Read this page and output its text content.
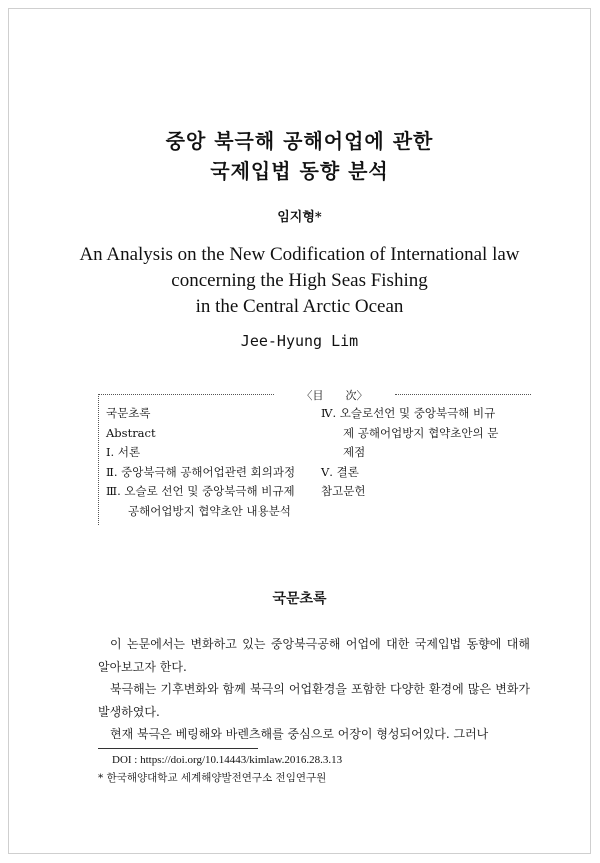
중앙 북극해 공해어업에 관한
국제입법 동향 분석
임지형*
An Analysis on the New Codification of International law
concerning the High Seas Fishing
in the Central Arctic Ocean
Jee-Hyung Lim
〈目　　次〉
국문초록
Abstract
Ⅰ. 서론
Ⅱ. 중앙북극해 공해어업관련 회의과정
Ⅲ. 오슬로 선언 및 중앙북극해 비규제
공해어업방지 협약초안 내용분석
Ⅳ. 오슬로선언 및 중앙북극해 비규
제 공해어업방지 협약초안의 문
제점
Ⅴ. 결론
참고문헌
국문초록

이 논문에서는 변화하고 있는 중앙북극공해 어업에 대한 국제입법 동향에 대해 알아보고자 한다.

북극해는 기후변화와 함께 북극의 어업환경을 포함한 다양한 환경에 많은 변화가 발생하였다.

현재 북극은 베링해와 바렌츠해를 중심으로 어장이 형성되어있다. 그러나

DOI : https://doi.org/10.14443/kimlaw.2016.28.3.13
* 한국해양대학교 세계해양발전연구소 전임연구원
